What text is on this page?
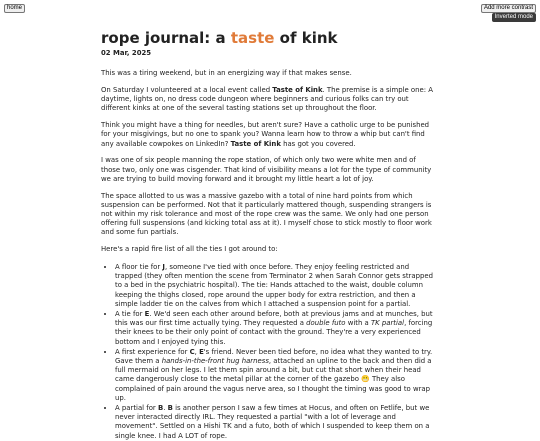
home	Add more contrast
Inverted mode
rope journal: a taste of kink
02 Mar, 2025

This was a tiring weekend, but in an energizing way if that makes sense.

On Saturday I volunteered at a local event called Taste of Kink. The premise is a simple one: A daytime, lights on, no dress code dungeon where beginners and curious folks can try out different kinks at one of the several tasting stations set up throughout the floor.

Think you might have a thing for needles, but aren't sure? Have a catholic urge to be punished for your misgivings, but no one to spank you? Wanna learn how to throw a whip but can't find any available cowpokes on LinkedIn? Taste of Kink has got you covered.

I was one of six people manning the rope station, of which only two were white men and of those two, only one was cisgender. That kind of visibility means a lot for the type of community we are trying to build moving forward and it brought my little heart a lot of joy.

The space allotted to us was a massive gazebo with a total of nine hard points from which suspension can be performed. Not that it particularly mattered though, suspending strangers is not within my risk tolerance and most of the rope crew was the same. We only had one person offering full suspensions (and kicking total ass at it). I myself chose to stick mostly to floor work and some fun partials.

Here's a rapid fire list of all the ties I got around to:

• A floor tie for J, someone I've tied with once before. They enjoy feeling restricted and trapped (they often mention the scene from Terminator 2 when Sarah Connor gets strapped to a bed in the psychiatric hospital). The tie: Hands attached to the waist, double column keeping the thighs closed, rope around the upper body for extra restriction, and then a simple ladder tie on the calves from which I attached a suspension point for a partial.
• A tie for E. We'd seen each other around before, both at previous jams and at munches, but this was our first time actually tying. They requested a double futo with a TK partial, forcing their knees to be their only point of contact with the ground. They're a very experienced bottom and I enjoyed tying this.
• A first experience for C, E's friend. Never been tied before, no idea what they wanted to try. Gave them a hands-in-the-front hug harness, attached an upline to the back and then did a full mermaid on her legs. I let them spin around a bit, but cut that short when their head came dangerously close to the metal pillar at the corner of the gazebo 😬 They also complained of pain around the vagus nerve area, so I thought the timing was good to wrap up.
• A partial for B. B is another person I saw a few times at Hocus, and often on Fetlife, but we never interacted directly IRL. They requested a partial "with a lot of leverage and movement". Settled on a Hishi TK and a futo, both of which I suspended to keep them on a single knee. I had A LOT of rope.
